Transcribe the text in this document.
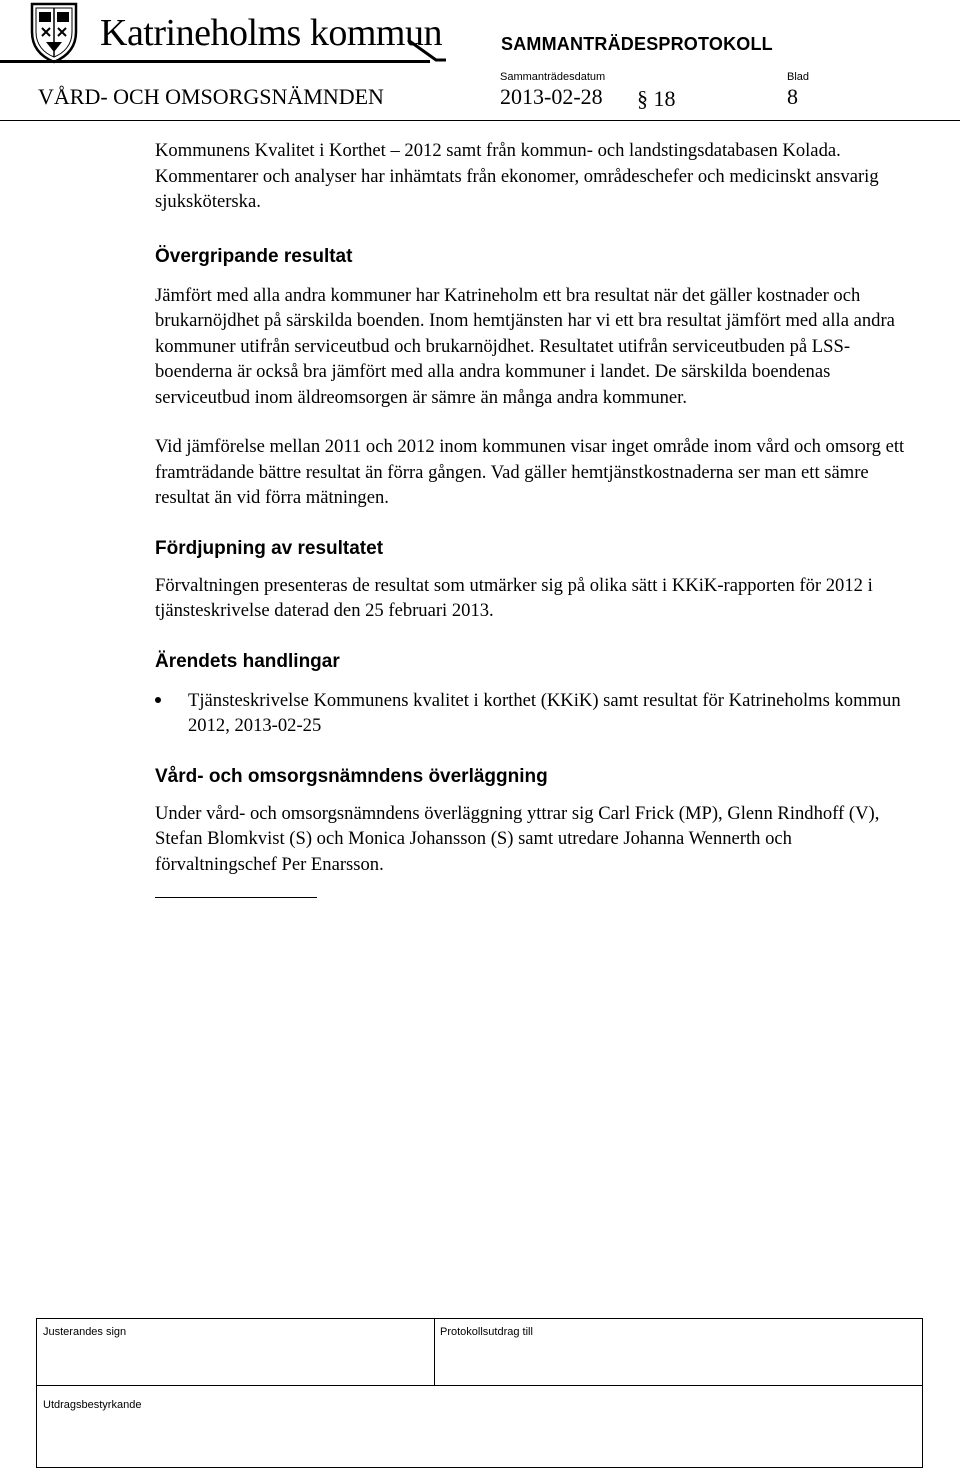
Katrineholms kommun	SAMMANTRÄDESPROTOKOLL
Sammanträdesdatum	Blad
VÅRD- OCH OMSORGSNÄMNDEN	2013-02-28 § 18	8

Kommunens Kvalitet i Korthet – 2012 samt från kommun- och landstingsdatabasen Kolada. Kommentarer och analyser har inhämtats från ekonomer, områdeschefer och medicinskt ansvarig sjuksköterska.

Övergripande resultat

Jämfört med alla andra kommuner har Katrineholm ett bra resultat när det gäller kostnader och brukarnöjdhet på särskilda boenden. Inom hemtjänsten har vi ett bra resultat jämfört med alla andra kommuner utifrån serviceutbud och brukarnöjdhet. Resultatet utifrån serviceutbuden på LSS-boenderna är också bra jämfört med alla andra kommuner i landet. De särskilda boendenas serviceutbud inom äldreomsorgen är sämre än många andra kommuner.

Vid jämförelse mellan 2011 och 2012 inom kommunen visar inget område inom vård och omsorg ett framträdande bättre resultat än förra gången. Vad gäller hemtjänstkostnaderna ser man ett sämre resultat än vid förra mätningen.

Fördjupning av resultatet

Förvaltningen presenteras de resultat som utmärker sig på olika sätt i KKiK-rapporten för 2012 i tjänsteskrivelse daterad den 25 februari 2013.

Ärendets handlingar

Tjänsteskrivelse Kommunens kvalitet i korthet (KKiK) samt resultat för Katrineholms kommun 2012, 2013-02-25

Vård- och omsorgsnämndens överläggning

Under vård- och omsorgsnämndens överläggning yttrar sig Carl Frick (MP), Glenn Rindhoff (V), Stefan Blomkvist (S) och Monica Johansson (S) samt utredare Johanna Wennerth och förvaltningschef Per Enarsson.

Justerandes sign	Protokollsutdrag till
Utdragsbestyrkande
